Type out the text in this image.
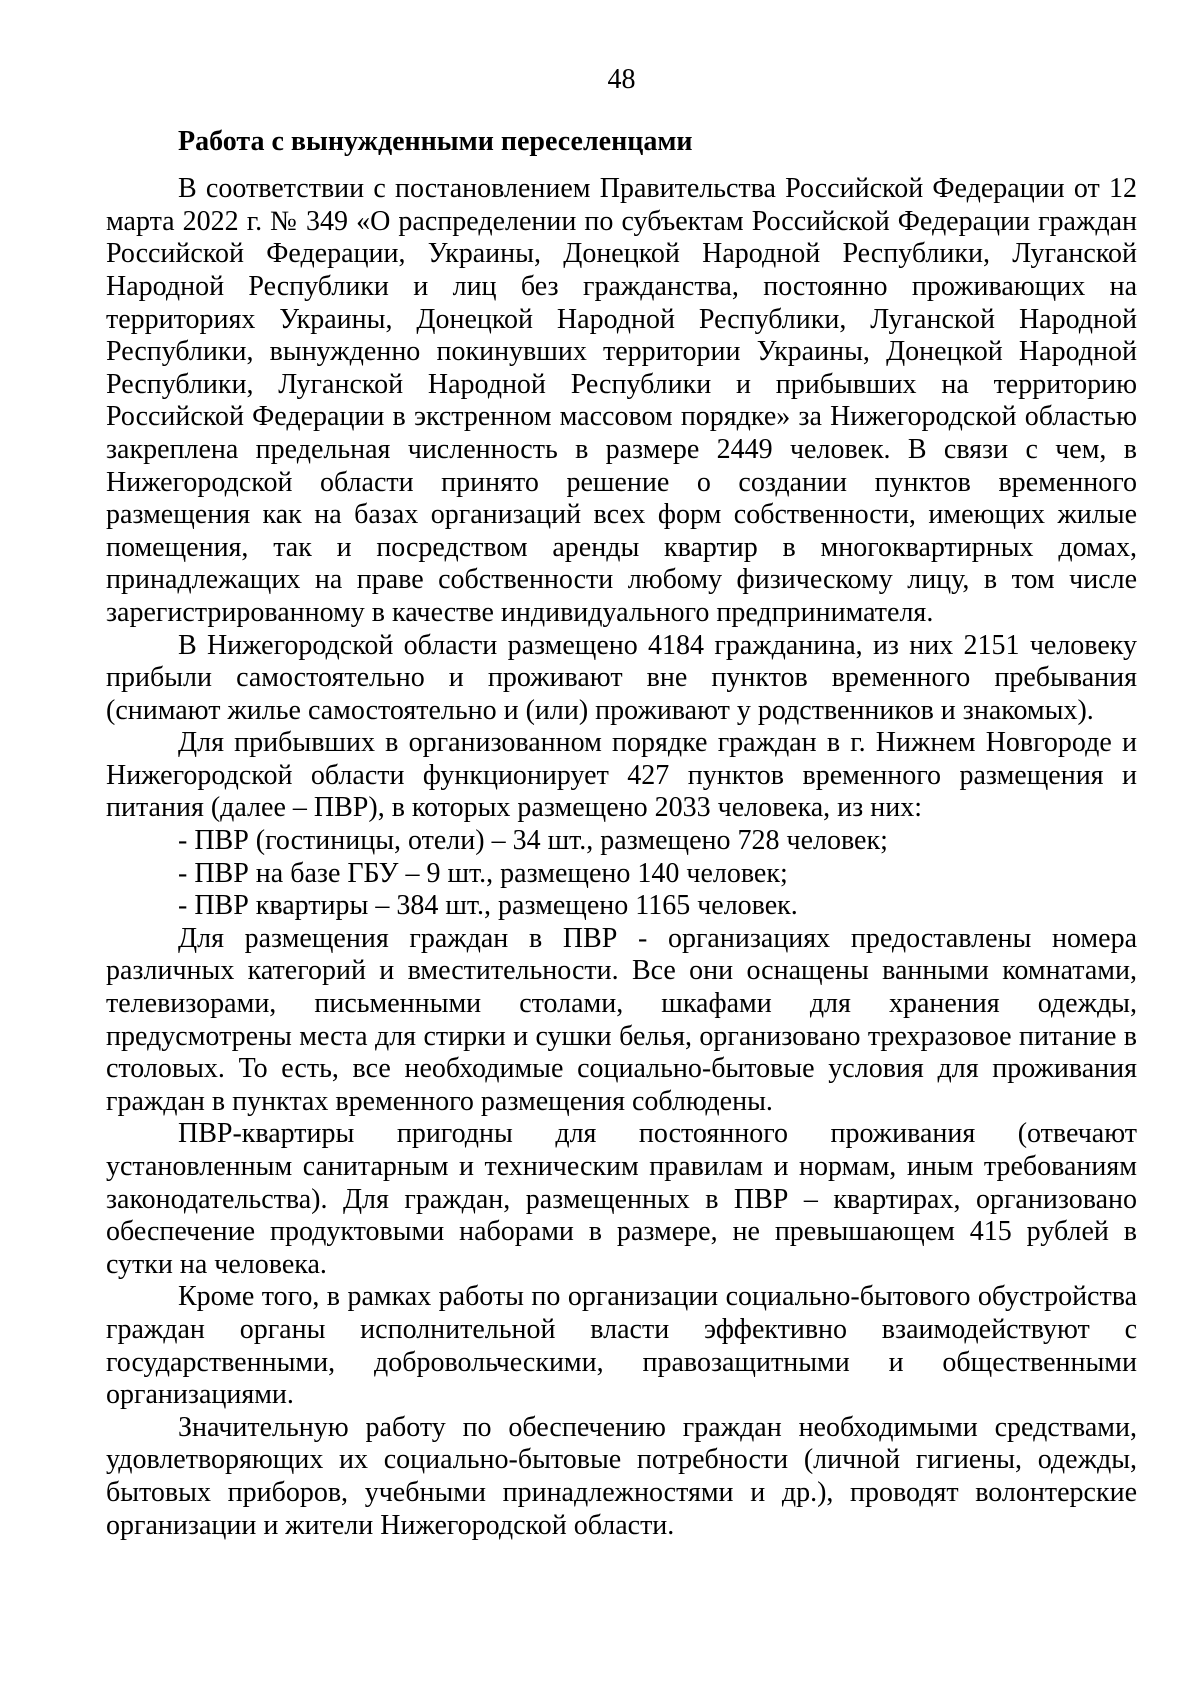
48
Работа с вынужденными переселенцами

В соответствии с постановлением Правительства Российской Федерации от 12 марта 2022 г. № 349 «О распределении по субъектам Российской Федерации граждан Российской Федерации, Украины, Донецкой Народной Республики, Луганской Народной Республики и лиц без гражданства, постоянно проживающих на территориях Украины, Донецкой Народной Республики, Луганской Народной Республики, вынужденно покинувших территории Украины, Донецкой Народной Республики, Луганской Народной Республики и прибывших на территорию Российской Федерации в экстренном массовом порядке» за Нижегородской областью закреплена предельная численность в размере 2449 человек. В связи с чем, в Нижегородской области принято решение о создании пунктов временного размещения как на базах организаций всех форм собственности, имеющих жилые помещения, так и посредством аренды квартир в многоквартирных домах, принадлежащих на праве собственности любому физическому лицу, в том числе зарегистрированному в качестве индивидуального предпринимателя.

В Нижегородской области размещено 4184 гражданина, из них 2151 человеку прибыли самостоятельно и проживают вне пунктов временного пребывания (снимают жилье самостоятельно и (или) проживают у родственников и знакомых).

Для прибывших в организованном порядке граждан в г. Нижнем Новгороде и Нижегородской области функционирует 427 пунктов временного размещения и питания (далее – ПВР), в которых размещено 2033 человека, из них:

- ПВР (гостиницы, отели) – 34 шт., размещено 728 человек;

- ПВР на базе ГБУ – 9 шт., размещено 140 человек;

- ПВР квартиры – 384 шт., размещено 1165 человек.

Для размещения граждан в ПВР - организациях предоставлены номера различных категорий и вместительности. Все они оснащены ванными комнатами, телевизорами, письменными столами, шкафами для хранения одежды, предусмотрены места для стирки и сушки белья, организовано трехразовое питание в столовых. То есть, все необходимые социально-бытовые условия для проживания граждан в пунктах временного размещения соблюдены.

ПВР-квартиры пригодны для постоянного проживания (отвечают установленным санитарным и техническим правилам и нормам, иным требованиям законодательства). Для граждан, размещенных в ПВР – квартирах, организовано обеспечение продуктовыми наборами в размере, не превышающем 415 рублей в сутки на человека.

Кроме того, в рамках работы по организации социально-бытового обустройства граждан органы исполнительной власти эффективно взаимодействуют с государственными, добровольческими, правозащитными и общественными организациями.

Значительную работу по обеспечению граждан необходимыми средствами, удовлетворяющих их социально-бытовые потребности (личной гигиены, одежды, бытовых приборов, учебными принадлежностями и др.), проводят волонтерские организации и жители Нижегородской области.
